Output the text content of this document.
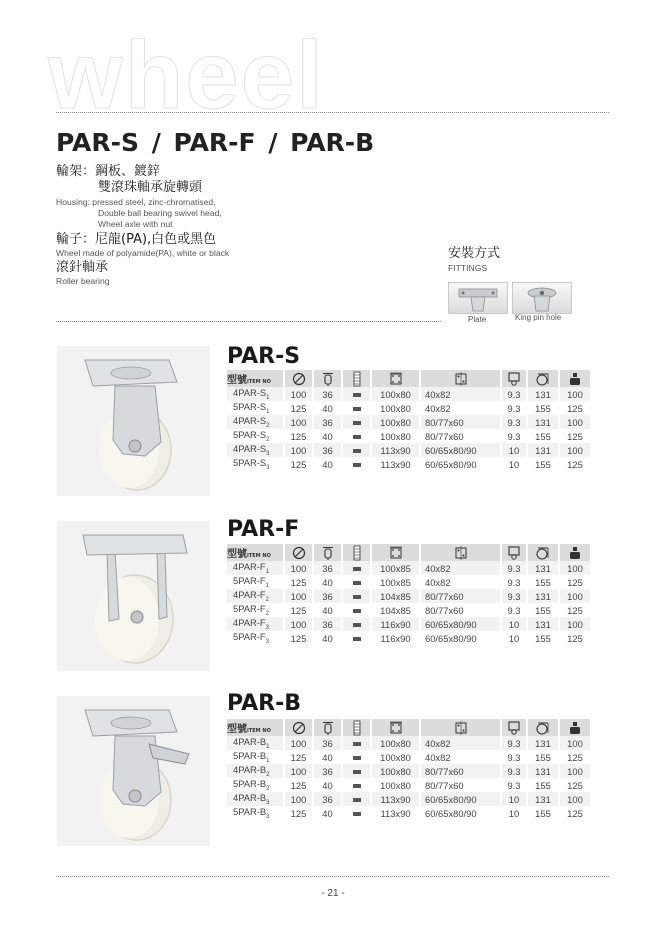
wheel
PAR-S / PAR-F / PAR-B
輪架：鋼板、鍍鋅
雙滾珠軸承旋轉頭
Housing: pressed steel, zinc-chromatised,
Double ball bearing swivel head,
Wheel axle with nut
輪子：尼龍(PA),白色或黑色
Wheel made of polyamide(PA), white or black
滾針軸承
Roller bearing
安裝方式
FITTINGS
Plate	King pin hole
PAR-S
PAR-F
PAR-B
型號ITEM NO	

$4PAR-S_1$	100	36		100x80	40x82	9.3	131	100
$5PAR-S_1$	125	40		100x80	40x82	9.3	155	125
$4PAR-S_2$	100	36		100x80	80/77x60	9.3	131	100
$5PAR-S_2$	125	40		100x80	80/77x60	9.3	155	125
$4PAR-S_3$	100	36		113x90	60/65x80/90	10	131	100
$5PAR-S_3$	125	40		113x90	60/65x80/90	10	155	125
型號ITEM NO	

$4PAR-F_1$	100	36		100x85	40x82	9.3	131	100
$5PAR-F_1$	125	40		100x85	40x82	9.3	155	125
$4PAR-F_2$	100	36		104x85	80/77x60	9.3	131	100
$5PAR-F_2$	125	40		104x85	80/77x60	9.3	155	125
$4PAR-F_3$	100	36		116x90	60/65x80/90	10	131	100
$5PAR-F_3$	125	40		116x90	60/65x80/90	10	155	125
型號ITEM NO	

$4PAR-B_1$	100	36		100x80	40x82	9.3	131	100
$5PAR-B_1$	125	40		100x80	40x82	9.3	155	125
$4PAR-B_2$	100	36		100x80	80/77x60	9.3	131	100
$5PAR-B_2$	125	40		100x80	80/77x60	9.3	155	125
$4PAR-B_3$	100	36		113x90	60/65x80/90	10	131	100
$5PAR-B_3$	125	40		113x90	60/65x80/90	10	155	125
- 21 -
